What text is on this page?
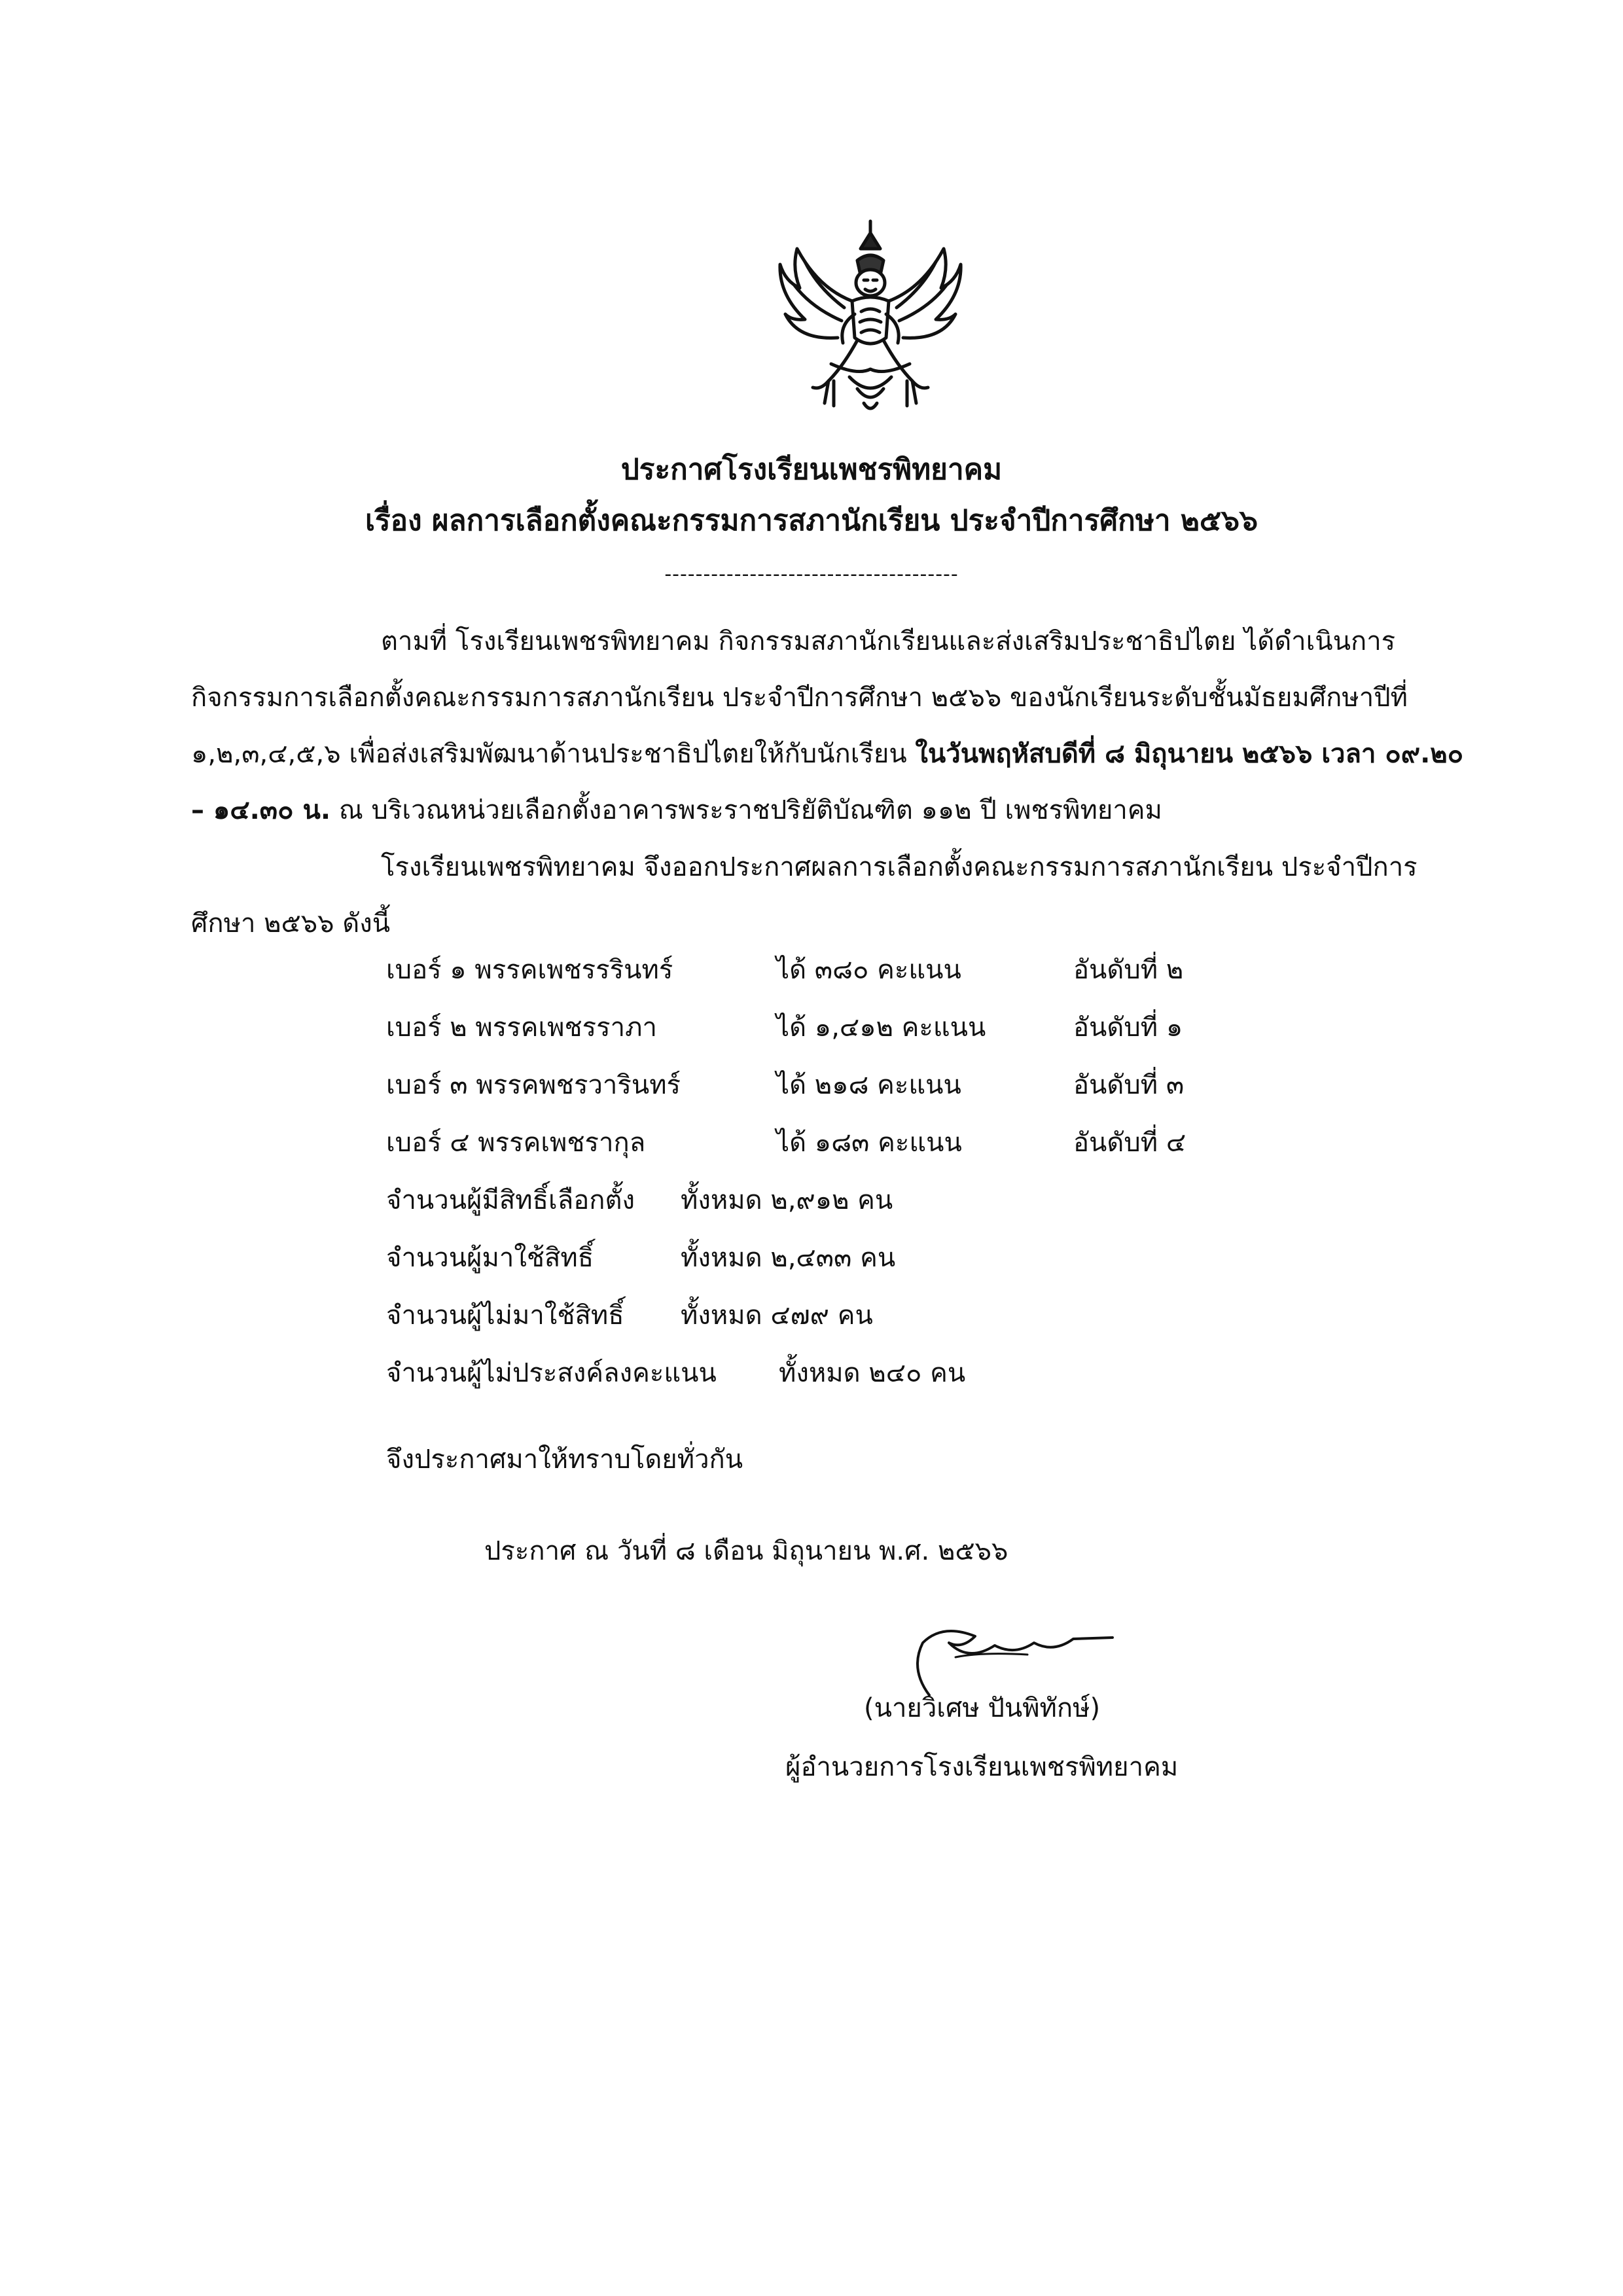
ประกาศโรงเรียนเพชรพิทยาคม
เรื่อง ผลการเลือกตั้งคณะกรรมการสภานักเรียน ประจำปีการศึกษา ๒๕๖๖
--------------------------------------
ตามที่ โรงเรียนเพชรพิทยาคม กิจกรรมสภานักเรียนและส่งเสริมประชาธิปไตย ได้ดำเนินการกิจกรรมการเลือกตั้งคณะกรรมการสภานักเรียน ประจำปีการศึกษา ๒๕๖๖ ของนักเรียนระดับชั้นมัธยมศึกษาปีที่ ๑,๒,๓,๔,๕,๖ เพื่อส่งเสริมพัฒนาด้านประชาธิปไตยให้กับนักเรียน ในวันพฤหัสบดีที่ ๘ มิถุนายน ๒๕๖๖ เวลา ๐๙.๒๐ – ๑๔.๓๐ น. ณ บริเวณหน่วยเลือกตั้งอาคารพระราชปริยัติบัณฑิต ๑๑๒ ปี เพชรพิทยาคม
โรงเรียนเพชรพิทยาคม จึงออกประกาศผลการเลือกตั้งคณะกรรมการสภานักเรียน ประจำปีการศึกษา ๒๕๖๖ ดังนี้
เบอร์ ๑ พรรคเพชรรรินทร์	ได้ ๓๘๐ คะแนน	อันดับที่ ๒
เบอร์ ๒ พรรคเพชรราภา	ได้ ๑,๔๑๒ คะแนน	อันดับที่ ๑
เบอร์ ๓ พรรคพชรวารินทร์	ได้ ๒๑๘ คะแนน	อันดับที่ ๓
เบอร์ ๔ พรรคเพชรากุล	ได้ ๑๘๓ คะแนน	อันดับที่ ๔
จำนวนผู้มีสิทธิ์เลือกตั้ง ทั้งหมด ๒,๙๑๒ คน
จำนวนผู้มาใช้สิทธิ์	ทั้งหมด ๒,๔๓๓ คน
จำนวนผู้ไม่มาใช้สิทธิ์ ทั้งหมด ๔๗๙ คน
จำนวนผู้ไม่ประสงค์ลงคะแนน ทั้งหมด ๒๔๐ คน
จึงประกาศมาให้ทราบโดยทั่วกัน
ประกาศ ณ วันที่ ๘ เดือน มิถุนายน พ.ศ. ๒๕๖๖
(นายวิเศษ ปันพิทักษ์)
ผู้อำนวยการโรงเรียนเพชรพิทยาคม
